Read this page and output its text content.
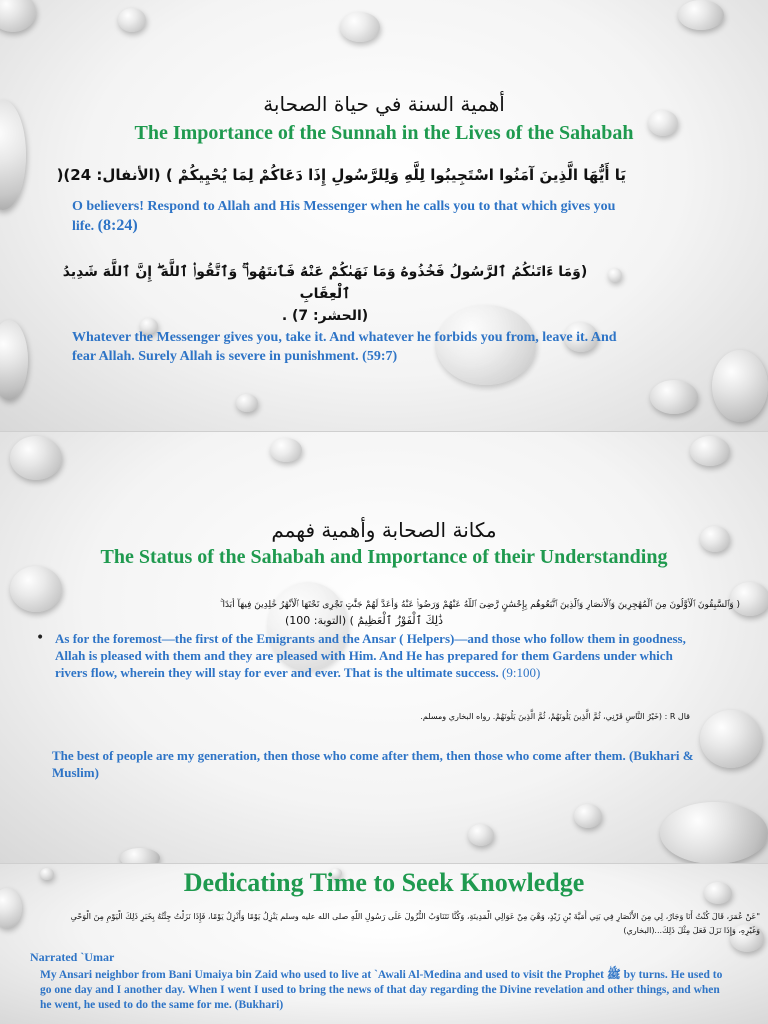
أهمية السنة في حياة الصحابة
The Importance of the Sunnah in the Lives of the Sahabah
يَا أَيُّهَا الَّذِينَ آمَنُوا اسْتَجِيبُوا لِلَّهِ وَلِلرَّسُولِ إِذَا دَعَاكُمْ لِمَا يُحْيِيكُمْ ) (الأنفال: 24)(
O believers! Respond to Allah and His Messenger when he calls you to that which gives you life. (8:24)
(وَمَا ءَاتَىٰكُمُ ٱلرَّسُولُ فَخُذُوهُ وَمَا نَهَىٰكُمْ عَنْهُ فَٱنتَهُوا۟ ۚ وَٱتَّقُوا۟ ٱللَّهَ ۖ إِنَّ ٱللَّهَ شَدِيدُ ٱلْعِقَابِ
(الحشر: 7) .
Whatever the Messenger gives you, take it. And whatever he forbids you from, leave it. And fear Allah. Surely Allah is severe in punishment. (59:7)
مكانة الصحابة وأهمية فهمم
The Status of the Sahabah and Importance of their Understanding
( وَٱلسَّٰبِقُونَ ٱلْأَوَّلُونَ مِنَ ٱلْمُهَٰجِرِينَ وَٱلْأَنصَارِ وَٱلَّذِينَ ٱتَّبَعُوهُم بِإِحْسَٰنٍ رَّضِىَ ٱللَّهُ عَنْهُمْ وَرَضُوا۟ عَنْهُ وَأَعَدَّ لَهُمْ جَنَّٰتٍ تَجْرِى تَحْتَهَا ٱلْأَنْهَٰرُ خَٰلِدِينَ فِيهَآ أَبَدًا ۚ
ذَٰلِكَ ٱلْفَوْزُ ٱلْعَظِيمُ ) (التوبة: 100)
• As for the foremost—the first of the Emigrants and the Ansar ( Helpers)—and those who follow them in goodness, Allah is pleased with them and they are pleased with Him. And He has prepared for them Gardens under which rivers flow, wherein they will stay for ever and ever. That is the ultimate success. (9:100)
قال R : (خَيْرُ النَّاسِ قَرْنِي، ثُمَّ الَّذِينَ يَلُونَهُمْ، ثُمَّ الَّذِينَ يَلُونَهُمْ. رواه البخاري ومسلم.
The best of people are my generation, then those who come after them, then those who come after them. (Bukhari & Muslim)
Dedicating Time to Seek Knowledge
"عَنْ عُمَرَ، قَالَ كُنْتُ أَنَا وَجَارٌ، لِي مِنَ الأَنْصَارِ فِي بَنِي أُمَيَّةَ بْنِ زَيْدٍ، وَهْيَ مِنْ عَوَالِي الْمَدِينَةِ، وَكُنَّا نَتَنَاوَبُ النُّزُولَ عَلَى رَسُولِ اللَّهِ صلى الله عليه وسلم يَنْزِلُ يَوْمًا وَأَنْزِلُ يَوْمًا، فَإِذَا نَزَلْتُ جِئْتُهُ بِخَبَرِ ذَلِكَ الْيَوْمِ مِنَ الْوَحْىِ
وَغَيْرِهِ، وَإِذَا نَزَلَ فَعَلَ مِثْلَ ذَلِكَ...(البخاري)
Narrated `Umar
My Ansari neighbor from Bani Umaiya bin Zaid who used to live at `Awali Al-Medina and used to visit the Prophet ﷺ by turns. He used to go one day and I another day. When I went I used to bring the news of that day regarding the Divine revelation and other things, and when he went, he used to do the same for me. (Bukhari)
